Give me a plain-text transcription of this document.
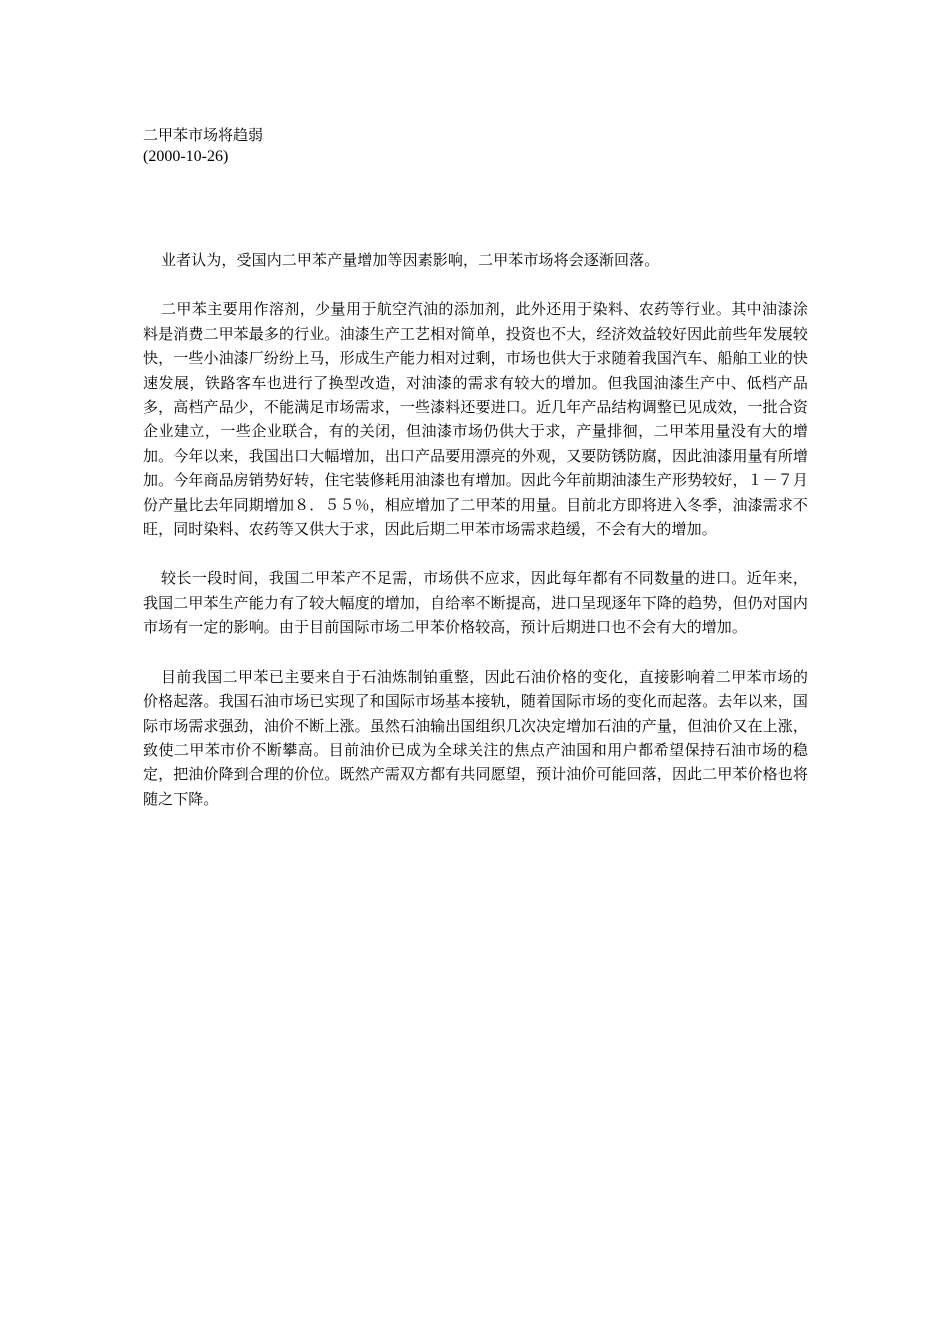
二甲苯市场将趋弱
(2000-10-26)

业者认为，受国内二甲苯产量增加等因素影响，二甲苯市场将会逐渐回落。

二甲苯主要用作溶剂，少量用于航空汽油的添加剂，此外还用于染料、农药等行业。其中油漆涂料是消费二甲苯最多的行业。油漆生产工艺相对简单，投资也不大，经济效益较好因此前些年发展较快，一些小油漆厂纷纷上马，形成生产能力相对过剩，市场也供大于求随着我国汽车、船舶工业的快速发展，铁路客车也进行了换型改造，对油漆的需求有较大的增加。但我国油漆生产中、低档产品多，高档产品少，不能满足市场需求，一些漆料还要进口。近几年产品结构调整已见成效，一批合资企业建立，一些企业联合，有的关闭，但油漆市场仍供大于求，产量排徊，二甲苯用量没有大的增加。今年以来，我国出口大幅增加，出口产品要用漂亮的外观，又要防锈防腐，因此油漆用量有所增加。今年商品房销势好转，住宅装修耗用油漆也有增加。因此今年前期油漆生产形势较好，１－７月份产量比去年同期增加８．５５％，相应增加了二甲苯的用量。目前北方即将进入冬季，油漆需求不旺，同时染料、农药等又供大于求，因此后期二甲苯市场需求趋缓，不会有大的增加。

较长一段时间，我国二甲苯产不足需，市场供不应求，因此每年都有不同数量的进口。近年来，我国二甲苯生产能力有了较大幅度的增加，自给率不断提高，进口呈现逐年下降的趋势，但仍对国内市场有一定的影响。由于目前国际市场二甲苯价格较高，预计后期进口也不会有大的增加。

目前我国二甲苯已主要来自于石油炼制铂重整，因此石油价格的变化，直接影响着二甲苯市场的价格起落。我国石油市场已实现了和国际市场基本接轨，随着国际市场的变化而起落。去年以来，国际市场需求强劲，油价不断上涨。虽然石油输出国组织几次决定增加石油的产量，但油价又在上涨，致使二甲苯市价不断攀高。目前油价已成为全球关注的焦点产油国和用户都希望保持石油市场的稳定，把油价降到合理的价位。既然产需双方都有共同愿望，预计油价可能回落，因此二甲苯价格也将随之下降。
